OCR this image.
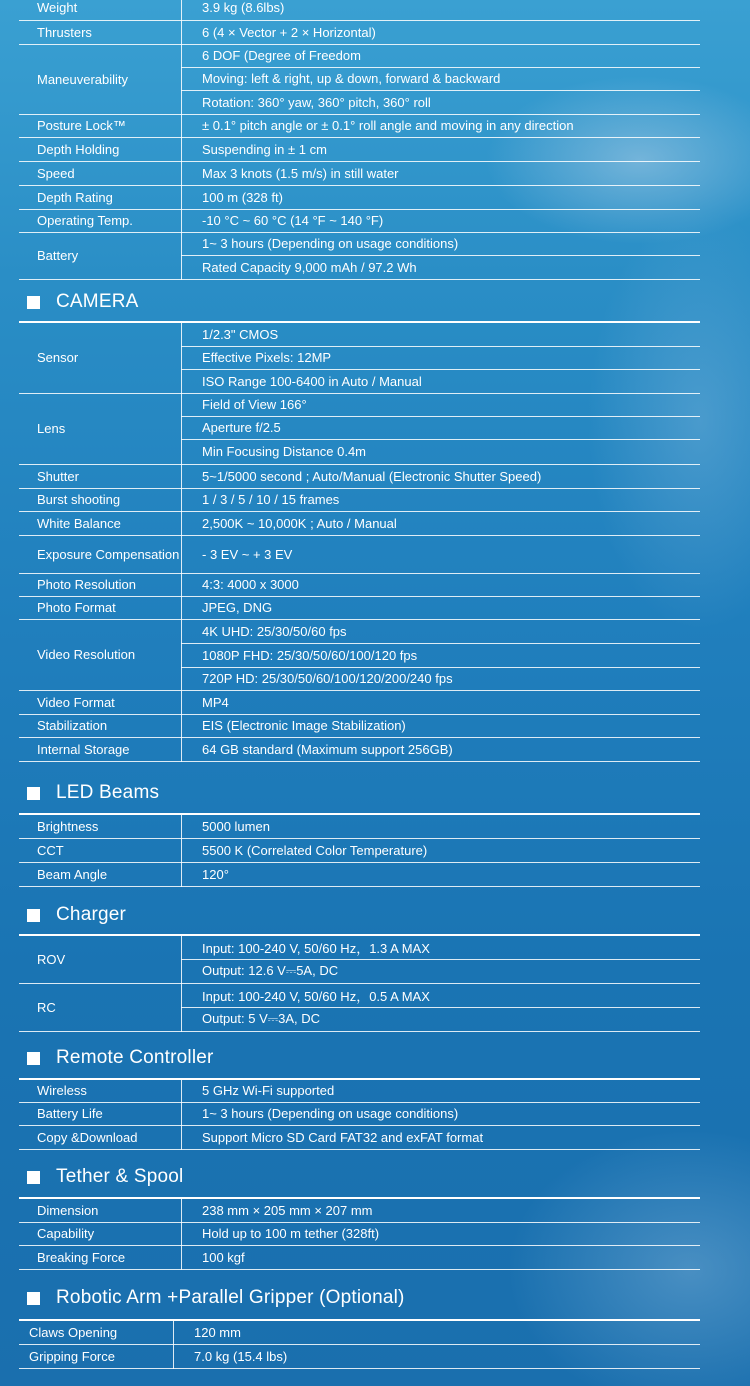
Weight	3.9 kg (8.6lbs)
Thrusters	6 (4 × Vector + 2 × Horizontal)
Maneuverability	6 DOF (Degree of Freedom
	Moving: left & right, up & down, forward & backward
	Rotation: 360° yaw, 360° pitch, 360° roll
Posture Lock™	± 0.1° pitch angle or ± 0.1° roll angle and moving in any direction
Depth Holding	Suspending in ± 1 cm
Speed	Max 3 knots (1.5 m/s) in still water
Depth Rating	100 m (328 ft)
Operating Temp.	-10 °C ~ 60 °C (14 °F ~ 140 °F)
Battery	1~ 3 hours (Depending on usage conditions)
	Rated Capacity 9,000 mAh / 97.2 Wh
CAMERA
Sensor	1/2.3" CMOS
	Effective Pixels: 12MP
	ISO Range 100-6400 in Auto / Manual
Lens	Field of View 166°
	Aperture f/2.5
	Min Focusing Distance 0.4m
Shutter	5~1/5000 second ; Auto/Manual (Electronic Shutter Speed)
Burst shooting	1 / 3 / 5 / 10 / 15 frames
White Balance	2,500K ~ 10,000K ; Auto / Manual
Exposure Compensation	- 3 EV ~ + 3 EV
Photo Resolution	4:3: 4000 x 3000
Photo Format	JPEG, DNG
Video Resolution	4K UHD: 25/30/50/60 fps
	1080P FHD: 25/30/50/60/100/120 fps
	720P HD: 25/30/50/60/100/120/200/240 fps
Video Format	MP4
Stabilization	EIS (Electronic Image Stabilization)
Internal Storage	64 GB standard (Maximum support 256GB)
LED Beams
Brightness	5000 lumen
CCT	5500 K (Correlated Color Temperature)
Beam Angle	120°
Charger
ROV	Input: 100-240 V, 50/60 Hz，1.3 A MAX
	Output: 12.6 V⎓5A, DC
RC	Input: 100-240 V, 50/60 Hz，0.5 A MAX
	Output: 5 V⎓3A, DC
Remote Controller
Wireless	5 GHz Wi-Fi supported
Battery Life	1~ 3 hours (Depending on usage conditions)
Copy &Download	Support Micro SD Card FAT32 and exFAT format
Tether & Spool
Dimension	238 mm × 205 mm × 207 mm
Capability	Hold up to 100 m tether (328ft)
Breaking Force	100 kgf
Robotic Arm +Parallel Gripper (Optional)
Claws Opening	120 mm
Gripping Force	7.0 kg (15.4 lbs)
